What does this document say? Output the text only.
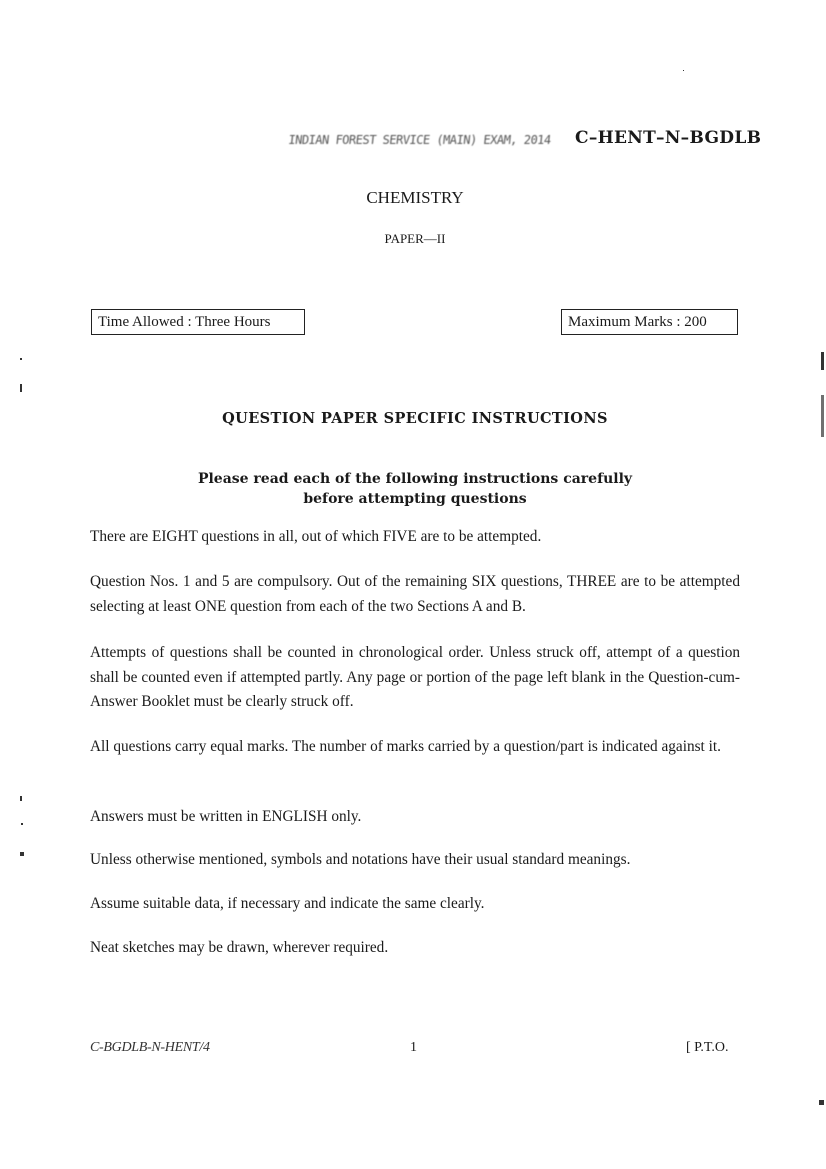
INDIAN FOREST SERVICE (MAIN) EXAM, 2014 C–HENT–N–BGDLB
CHEMISTRY
PAPER—II
Time Allowed : Three Hours	Maximum Marks : 200
QUESTION PAPER SPECIFIC INSTRUCTIONS
Please read each of the following instructions carefully
before attempting questions
There are EIGHT questions in all, out of which FIVE are to be attempted.
Question Nos. 1 and 5 are compulsory. Out of the remaining SIX questions, THREE are to be attempted selecting at least ONE question from each of the two Sections A and B.
Attempts of questions shall be counted in chronological order. Unless struck off, attempt of a question shall be counted even if attempted partly. Any page or portion of the page left blank in the Question-cum-Answer Booklet must be clearly struck off.
All questions carry equal marks. The number of marks carried by a question/part is indicated against it.
Answers must be written in ENGLISH only.
Unless otherwise mentioned, symbols and notations have their usual standard meanings.
Assume suitable data, if necessary and indicate the same clearly.
Neat sketches may be drawn, wherever required.
C-BGDLB-N-HENT/4	1	[ P.T.O.
